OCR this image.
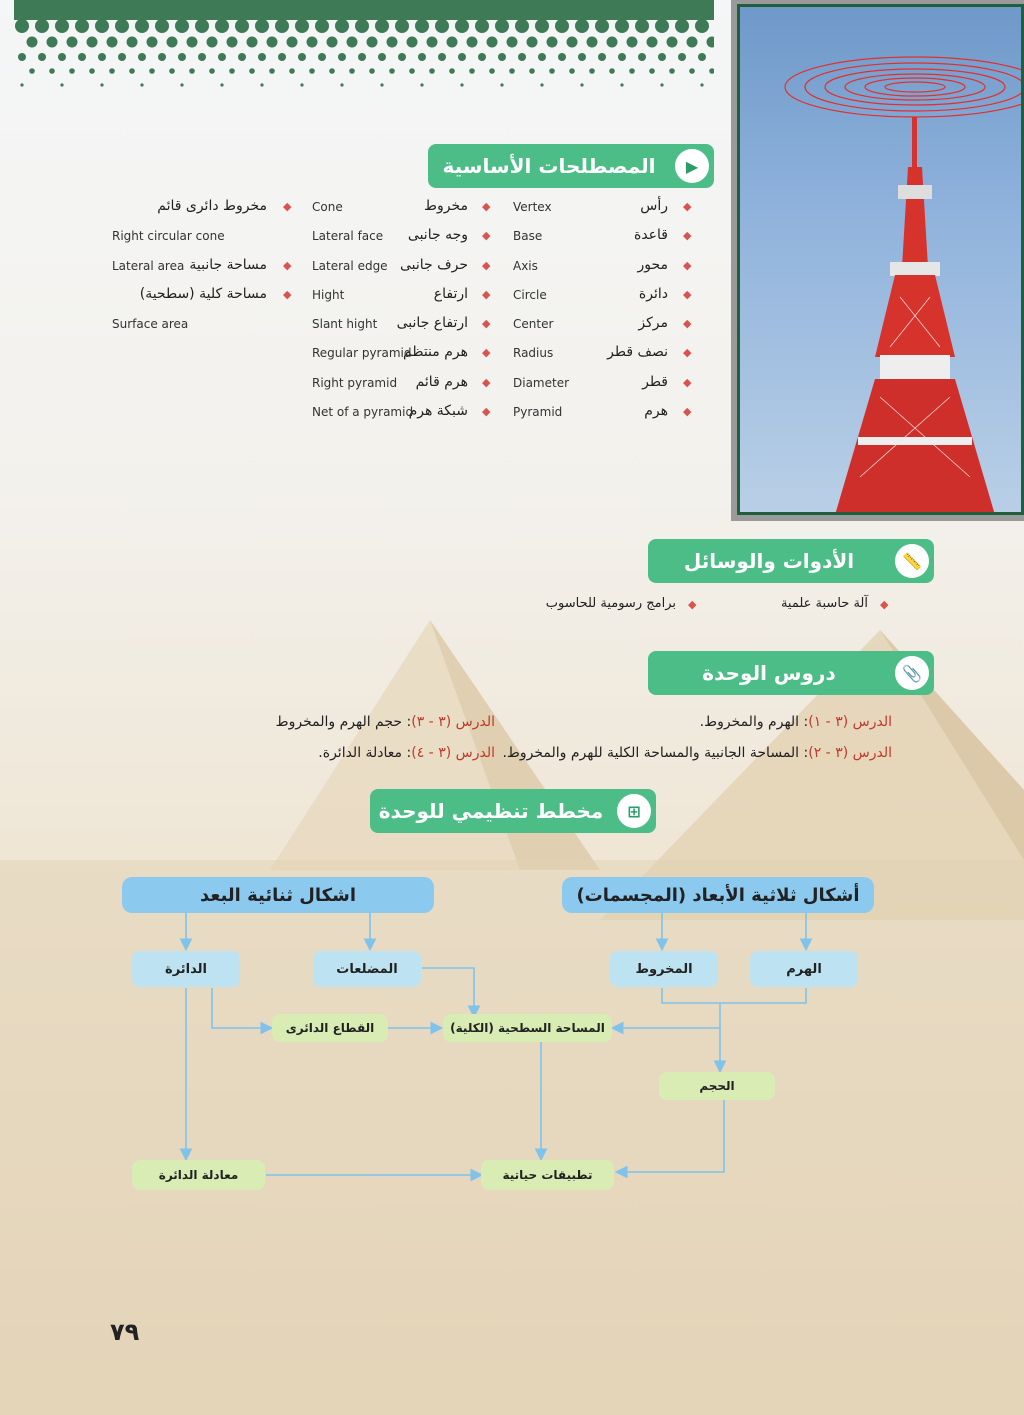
المصطلحات الأساسية	▶
رأس ◆
Vertex
قاعدة ◆
Base
محور ◆
Axis
دائرة ◆
Circle
مركز ◆
Center
نصف قطر ◆
Radius
قطر ◆
Diameter
هرم ◆
Pyramid
مخروط ◆
Cone
وجه جانبى ◆
Lateral face
حرف جانبى ◆
Lateral edge
ارتفاع ◆
Hight
ارتفاع جانبى ◆
Slant hight
هرم منتظم ◆
Regular pyramid
هرم قائم ◆
Right pyramid
شبكة هرم ◆
Net of a pyramid
مخروط دائرى قائم ◆
Right circular cone
مساحة جانبية ◆
Lateral area
مساحة كلية (سطحية) ◆
Surface area
الأدوات والوسائل	📏
آلة حاسبة علمية ◆
برامج رسومية للحاسوب ◆
دروس الوحدة	📎
الدرس (٣ - ١): الهرم والمخروط.
الدرس (٣ - ٢): المساحة الجانبية والمساحة الكلية للهرم والمخروط.
الدرس (٣ - ٣): حجم الهرم والمخروط
الدرس (٣ - ٤): معادلة الدائرة.
مخطط تنظيمي للوحدة	⊞
أشكال ثلاثية الأبعاد (المجسمات)
اشكال ثنائية البعد
الهرم
المخروط
المضلعات
الدائرة
المساحة السطحية (الكلية)
القطاع الدائرى
الحجم
معادلة الدائرة	تطبيقات حياتية
٧٩
